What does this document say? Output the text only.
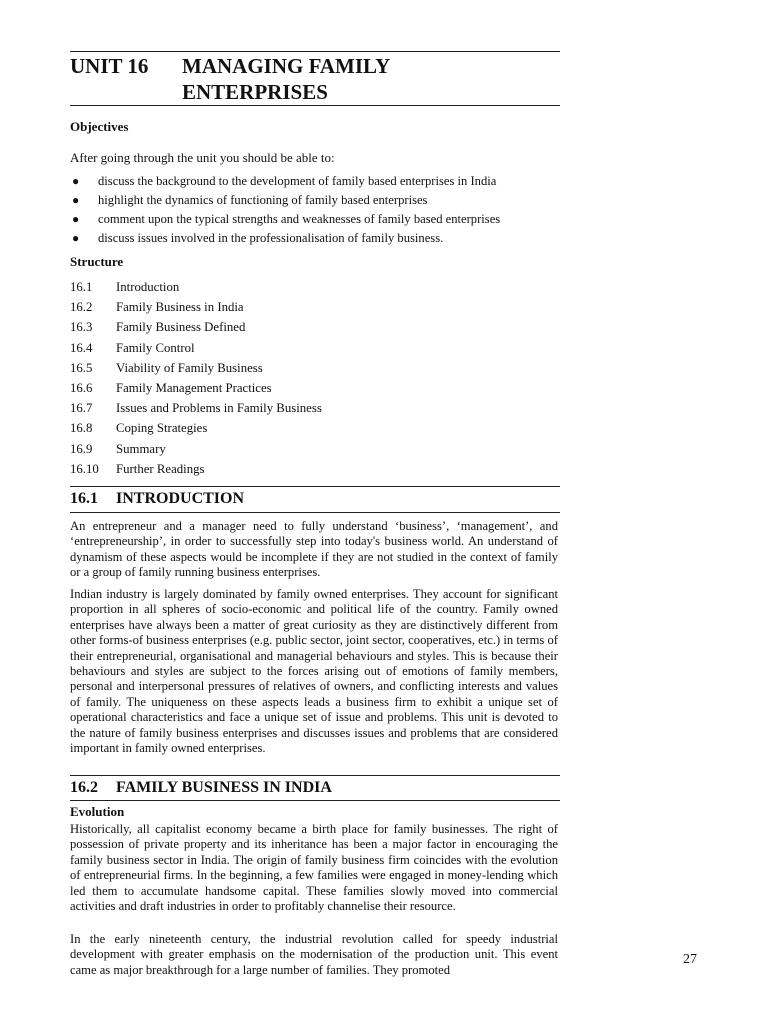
UNIT 16 MANAGING FAMILY
ENTERPRISES
Objectives
After going through the unit you should be able to:
● discuss the background to the development of family based enterprises in India
● highlight the dynamics of functioning of family based enterprises
● comment upon the typical strengths and weaknesses of family based enterprises
● discuss issues involved in the professionalisation of family business.
Structure
16.1 Introduction
16.2 Family Business in India
16.3 Family Business Defined
16.4 Family Control
16.5 Viability of Family Business
16.6 Family Management Practices
16.7 Issues and Problems in Family Business
16.8 Coping Strategies
16.9 Summary
16.10 Further Readings
16.1 INTRODUCTION
An entrepreneur and a manager need to fully understand ‘business’, ‘management’, and ‘entrepreneurship’, in order to successfully step into today's business world. An understand of dynamism of these aspects would be incomplete if they are not studied in the context of family or a group of family running business enterprises.
Indian industry is largely dominated by family owned enterprises. They account for significant proportion in all spheres of socio-economic and political life of the country. Family owned enterprises have always been a matter of great curiosity as they are distinctively different from other forms-of business enterprises (e.g. public sector, joint sector, cooperatives, etc.) in terms of their entrepreneurial, organisational and managerial behaviours and styles. This is because their behaviours and styles are subject to the forces arising out of emotions of family members, personal and interpersonal pressures of relatives of owners, and conflicting interests and values of family. The uniqueness on these aspects leads a business firm to exhibit a unique set of operational characteristics and face a unique set of issue and problems. This unit is devoted to the nature of family business enterprises and discusses issues and problems that are considered important in family owned enterprises.
16.2 FAMILY BUSINESS IN INDIA
Evolution
Historically, all capitalist economy became a birth place for family businesses. The right of possession of private property and its inheritance has been a major factor in encouraging the family business sector in India. The origin of family business firm coincides with the evolution of entrepreneurial firms. In the beginning, a few families were engaged in money-lending which led them to accumulate handsome capital. These families slowly moved into commercial activities and draft industries in order to profitably channelise their resource.
In the early nineteenth century, the industrial revolution called for speedy industrial development with greater emphasis on the modernisation of the production unit. This event came as major breakthrough for a large number of families. They promoted
27
